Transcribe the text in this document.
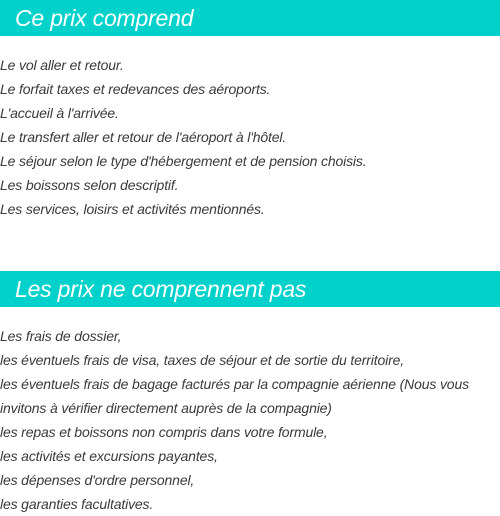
Ce prix comprend
Le vol aller et retour.
Le forfait taxes et redevances des aéroports.
L'accueil à l'arrivée.
Le transfert aller et retour de l'aéroport à l'hôtel.
Le séjour selon le type d'hébergement et de pension choisis.
Les boissons selon descriptif.
Les services, loisirs et activités mentionnés.
Les prix ne comprennent pas
Les frais de dossier,
les éventuels frais de visa, taxes de séjour et de sortie du territoire,
les éventuels frais de bagage facturés par la compagnie aérienne (Nous vous
invitons à vérifier directement auprès de la compagnie)
les repas et boissons non compris dans votre formule,
les activités et excursions payantes,
les dépenses d'ordre personnel,
les garanties facultatives.
